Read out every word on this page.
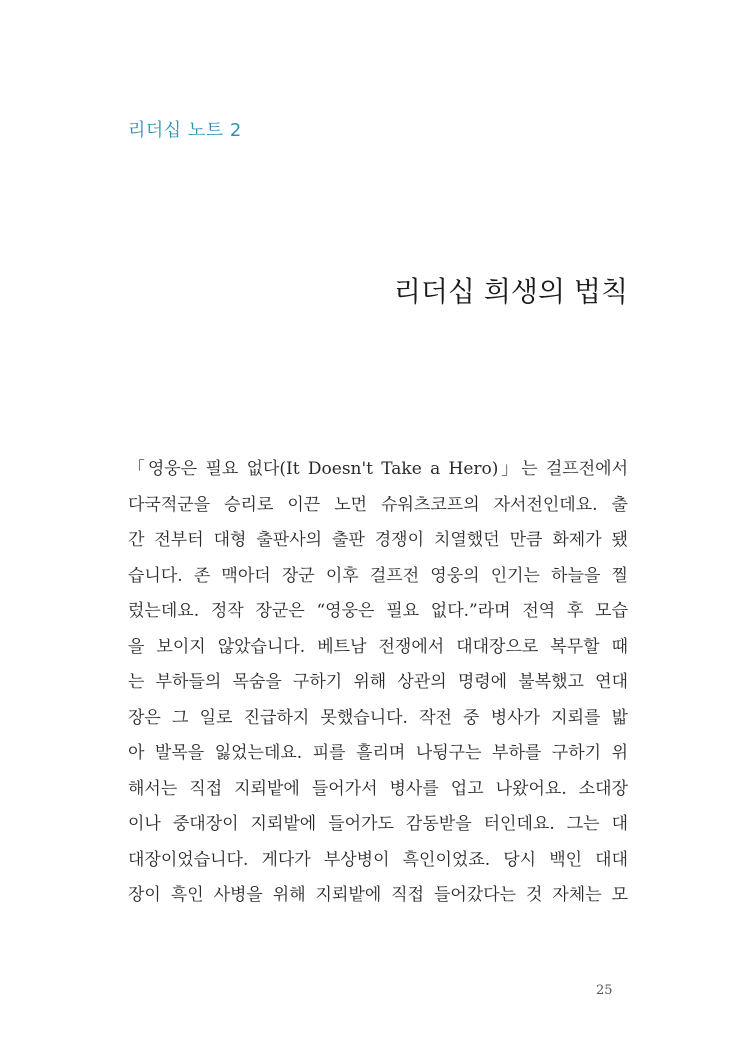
리더십 노트 2
리더십 희생의 법칙
「영웅은 필요 없다(It Doesn't Take a Hero)」는 걸프전에서
다국적군을 승리로 이끈 노먼 슈워츠코프의 자서전인데요. 출
간 전부터 대형 출판사의 출판 경쟁이 치열했던 만큼 화제가 됐
습니다. 존 맥아더 장군 이후 걸프전 영웅의 인기는 하늘을 찔
렀는데요. 정작 장군은 “영웅은 필요 없다.”라며 전역 후 모습
을 보이지 않았습니다. 베트남 전쟁에서 대대장으로 복무할 때
는 부하들의 목숨을 구하기 위해 상관의 명령에 불복했고 연대
장은 그 일로 진급하지 못했습니다. 작전 중 병사가 지뢰를 밟
아 발목을 잃었는데요. 피를 흘리며 나뒹구는 부하를 구하기 위
해서는 직접 지뢰밭에 들어가서 병사를 업고 나왔어요. 소대장
이나 중대장이 지뢰밭에 들어가도 감동받을 터인데요. 그는 대
대장이었습니다. 게다가 부상병이 흑인이었죠. 당시 백인 대대
장이 흑인 사병을 위해 지뢰밭에 직접 들어갔다는 것 자체는 모
25
